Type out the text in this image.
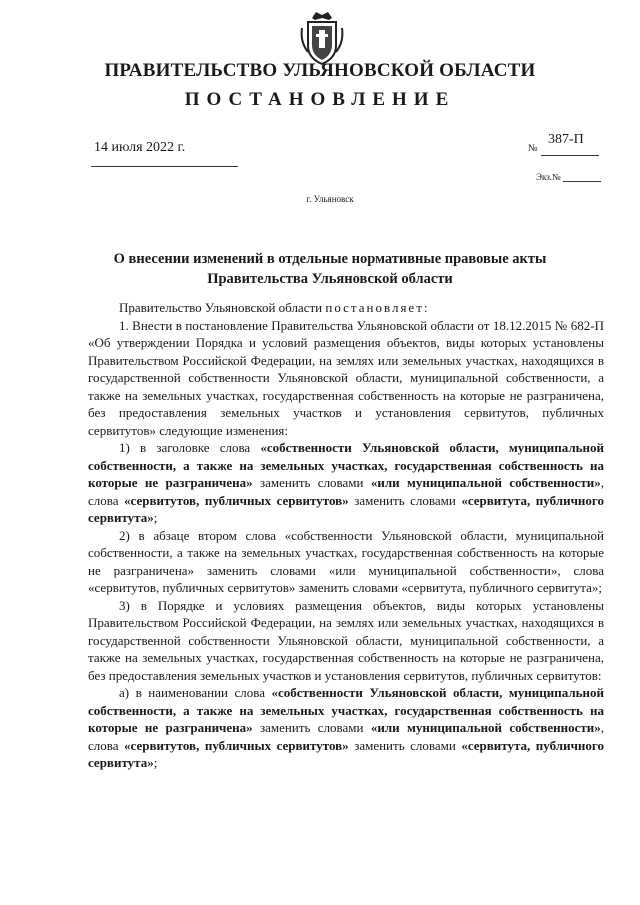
ПРАВИТЕЛЬСТВО УЛЬЯНОВСКОЙ ОБЛАСТИ
ПОСТАНОВЛЕНИЕ
14 июля 2022 г.	№
387-П
Экз.№
г. Ульяновск
О внесении изменений в отдельные нормативные правовые акты
Правительства Ульяновской области

Правительство Ульяновской области постановляет:

1. Внести в постановление Правительства Ульяновской области от 18.12.2015 № 682-П «Об утверждении Порядка и условий размещения объектов, виды которых установлены Правительством Российской Федерации, на землях или земельных участках, находящихся в государственной собственности Ульяновской области, муниципальной собственности, а также на земельных участках, государственная собственность на которые не разграничена, без предоставления земельных участков и установления сервитутов, публичных сервитутов» следующие изменения:

1) в заголовке слова «собственности Ульяновской области, муниципальной собственности, а также на земельных участках, государственная собственность на которые не разграничена» заменить словами «или муниципальной собственности», слова «сервитутов, публичных сервитутов» заменить словами «сервитута, публичного сервитута»;

2) в абзаце втором слова «собственности Ульяновской области, муниципальной собственности, а также на земельных участках, государственная собственность на которые не разграничена» заменить словами «или муниципальной собственности», слова «сервитутов, публичных сервитутов» заменить словами «сервитута, публичного сервитута»;

3) в Порядке и условиях размещения объектов, виды которых установлены Правительством Российской Федерации, на землях или земельных участках, находящихся в государственной собственности Ульяновской области, муниципальной собственности, а также на земельных участках, государственная собственность на которые не разграничена, без предоставления земельных участков и установления сервитутов, публичных сервитутов:

а) в наименовании слова «собственности Ульяновской области, муниципальной собственности, а также на земельных участках, государственная собственность на которые не разграничена» заменить словами «или муниципальной собственности», слова «сервитутов, публичных сервитутов» заменить словами «сервитута, публичного сервитута»;
